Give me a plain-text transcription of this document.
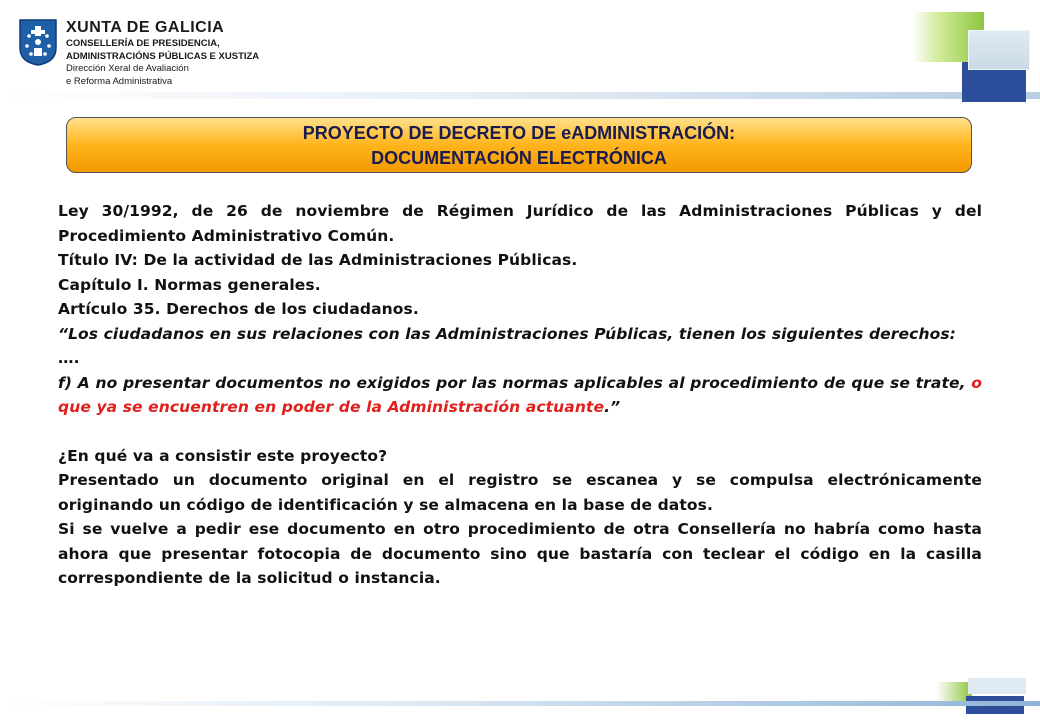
XUNTA DE GALICIA
CONSELLERÍA DE PRESIDENCIA,
ADMINISTRACIÓNS PÚBLICAS E XUSTIZA
Dirección Xeral de Avaliación
e Reforma Administrativa
PROYECTO DE DECRETO DE eADMINISTRACIÓN:
DOCUMENTACIÓN ELECTRÓNICA

Ley 30/1992, de 26 de noviembre de Régimen Jurídico de las Administraciones Públicas y del Procedimiento Administrativo Común.

Título IV: De la actividad de las Administraciones Públicas.

Capítulo I. Normas generales.

Artículo 35. Derechos de los ciudadanos.

“Los ciudadanos en sus relaciones con las Administraciones Públicas, tienen los siguientes derechos:

….

f) A no presentar documentos no exigidos por las normas aplicables al procedimiento de que se trate, o que ya se encuentren en poder de la Administración actuante.”

¿En qué va a consistir este proyecto?

Presentado un documento original en el registro se escanea y se compulsa electrónicamente originando un código de identificación y se almacena en la base de datos.

Si se vuelve a pedir ese documento en otro procedimiento de otra Consellería no habría como hasta ahora que presentar fotocopia de documento sino que bastaría con teclear el código en la casilla correspondiente de la solicitud o instancia.
